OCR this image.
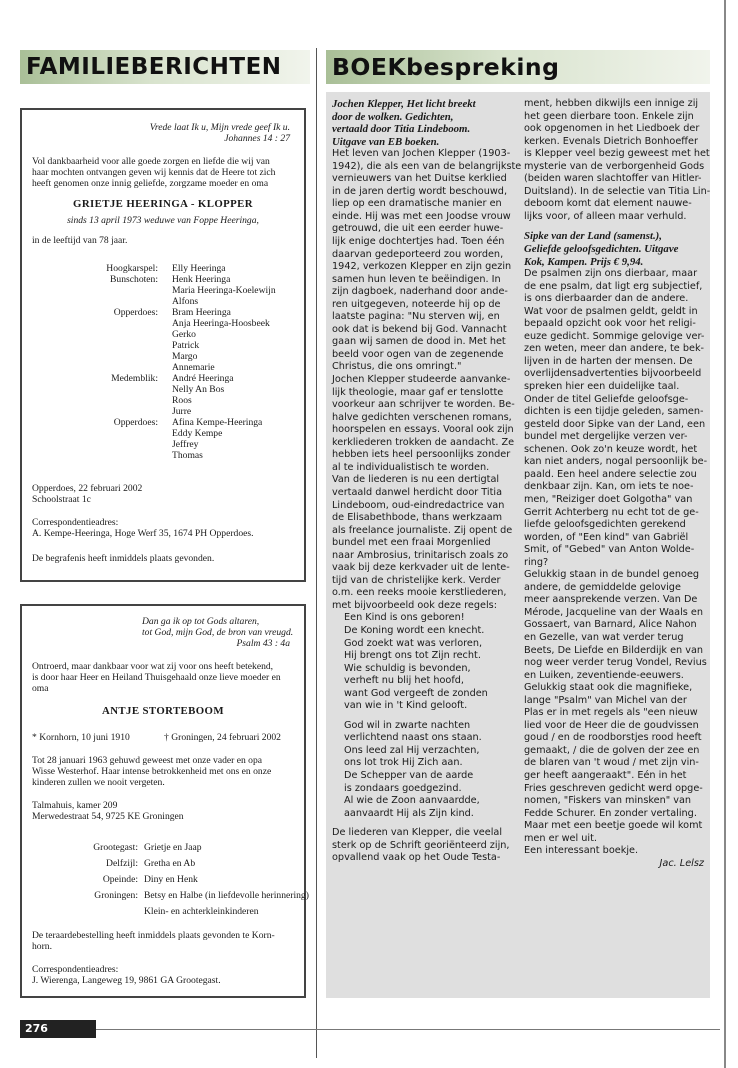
FAMILIEBERICHTEN	BOEKbespreking
Vrede laat Ik u, Mijn vrede geef Ik u.
Johannes 14 : 27
Vol dankbaarheid voor alle goede zorgen en liefde die wij van
haar mochten ontvangen geven wij kennis dat de Heere tot zich
heeft genomen onze innig geliefde, zorgzame moeder en oma
GRIETJE HEERINGA - KLOPPER
sinds 13 april 1973 weduwe van Foppe Heeringa,
in de leeftijd van 78 jaar.
Hoogkarspel: Elly Heeringa
Bunschoten: Henk Heeringa
Maria Heeringa-Koelewijn
Alfons
Opperdoes: Bram Heeringa
Anja Heeringa-Hoosbeek
Gerko
Patrick
Margo
Annemarie
Medemblik: André Heeringa
Nelly An Bos
Roos
Jurre
Opperdoes: Afina Kempe-Heeringa
Eddy Kempe
Jeffrey
Thomas
Opperdoes, 22 februari 2002
Schoolstraat 1c
Correspondentieadres:
A. Kempe-Heeringa, Hoge Werf 35, 1674 PH Opperdoes.
De begrafenis heeft inmiddels plaats gevonden.
Dan ga ik op tot Gods altaren,
tot God, mijn God, de bron van vreugd.
Psalm 43 : 4a
Ontroerd, maar dankbaar voor wat zij voor ons heeft betekend,
is door haar Heer en Heiland Thuisgehaald onze lieve moeder en
oma
ANTJE STORTEBOOM
* Kornhorn, 10 juni 1910	† Groningen, 24 februari 2002
Tot 28 januari 1963 gehuwd geweest met onze vader en opa
Wisse Westerhof. Haar intense betrokkenheid met ons en onze
kinderen zullen we nooit vergeten.
Talmahuis, kamer 209
Merwedestraat 54, 9725 KE Groningen
Grootegast: Grietje en Jaap
Delfzijl: Gretha en Ab
Opeinde: Diny en Henk
Groningen: Betsy en Halbe (in liefdevolle herinnering)
Klein- en achterkleinkinderen
De teraardebestelling heeft inmiddels plaats gevonden te Korn-
horn.
Correspondentieadres:
J. Wierenga, Langeweg 19, 9861 GA Grootegast.
Jochen Klepper, Het licht breekt
door de wolken. Gedichten,
vertaald door Titia Lindeboom.
Uitgave van EB boeken.
Het leven van Jochen Klepper (1903-
1942), die als een van de belangrijkste
vernieuwers van het Duitse kerklied
in de jaren dertig wordt beschouwd,
liep op een dramatische manier en
einde. Hij was met een Joodse vrouw
getrouwd, die uit een eerder huwe-
lijk enige dochtertjes had. Toen één
daarvan gedeporteerd zou worden,
1942, verkozen Klepper en zijn gezin
samen hun leven te beëindigen. In
zijn dagboek, naderhand door ande-
ren uitgegeven, noteerde hij op de
laatste pagina: "Nu sterven wij, en
ook dat is bekend bij God. Vannacht
gaan wij samen de dood in. Met het
beeld voor ogen van de zegenende
Christus, die ons omringt."
Jochen Klepper studeerde aanvanke-
lijk theologie, maar gaf er tenslotte
voorkeur aan schrijver te worden. Be-
halve gedichten verschenen romans,
hoorspelen en essays. Vooral ook zijn
kerkliederen trokken de aandacht. Ze
hebben iets heel persoonlijks zonder
al te individualistisch te worden.
Van de liederen is nu een dertigtal
vertaald danwel herdicht door Titia
Lindeboom, oud-eindredactrice van
de Elisabethbode, thans werkzaam
als freelance journaliste. Zij opent de
bundel met een fraai Morgenlied
naar Ambrosius, trinitarisch zoals zo
vaak bij deze kerkvader uit de lente-
tijd van de christelijke kerk. Verder
o.m. een reeks mooie kerstliederen,
met bijvoorbeeld ook deze regels:
Een Kind is ons geboren!
De Koning wordt een knecht.
God zoekt wat was verloren,
Hij brengt ons tot Zijn recht.
Wie schuldig is bevonden,
verheft nu blij het hoofd,
want God vergeeft de zonden
van wie in 't Kind gelooft.
God wil in zwarte nachten
verlichtend naast ons staan.
Ons leed zal Hij verzachten,
ons lot trok Hij Zich aan.
De Schepper van de aarde
is zondaars goedgezind.
Al wie de Zoon aanvaardde,
aanvaardt Hij als Zijn kind.
De liederen van Klepper, die veelal
sterk op de Schrift georiënteerd zijn,
opvallend vaak op het Oude Testa-
ment, hebben dikwijls een innige zij
het geen dierbare toon. Enkele zijn
ook opgenomen in het Liedboek der
kerken. Evenals Dietrich Bonhoeffer
is Klepper veel bezig geweest met het
mysterie van de verborgenheid Gods
(beiden waren slachtoffer van Hitler-
Duitsland). In de selectie van Titia Lin-
deboom komt dat element nauwe-
lijks voor, of alleen maar verhuld.
Sipke van der Land (samenst.),
Geliefde geloofsgedichten. Uitgave
Kok, Kampen. Prijs € 9,94.
De psalmen zijn ons dierbaar, maar
de ene psalm, dat ligt erg subjectief,
is ons dierbaarder dan de andere.
Wat voor de psalmen geldt, geldt in
bepaald opzicht ook voor het religi-
euze gedicht. Sommige gelovige ver-
zen weten, meer dan andere, te bek-
lijven in de harten der mensen. De
overlijdensadvertenties bijvoorbeeld
spreken hier een duidelijke taal.
Onder de titel Geliefde geloofsge-
dichten is een tijdje geleden, samen-
gesteld door Sipke van der Land, een
bundel met dergelijke verzen ver-
schenen. Ook zo'n keuze wordt, het
kan niet anders, nogal persoonlijk be-
paald. Een heel andere selectie zou
denkbaar zijn. Kan, om iets te noe-
men, "Reiziger doet Golgotha" van
Gerrit Achterberg nu echt tot de ge-
liefde geloofsgedichten gerekend
worden, of "Een kind" van Gabriël
Smit, of "Gebed" van Anton Wolde-
ring?
Gelukkig staan in de bundel genoeg
andere, de gemiddelde gelovige
meer aansprekende verzen. Van De
Mérode, Jacqueline van der Waals en
Gossaert, van Barnard, Alice Nahon
en Gezelle, van wat verder terug
Beets, De Liefde en Bilderdijk en van
nog weer verder terug Vondel, Revius
en Luiken, zeventiende-eeuwers.
Gelukkig staat ook die magnifieke,
lange "Psalm" van Michel van der
Plas er in met regels als "een nieuw
lied voor de Heer die de goudvissen
goud / en de roodborstjes rood heeft
gemaakt, / die de golven der zee en
de blaren van 't woud / met zijn vin-
ger heeft aangeraakt". Eén in het
Fries geschreven gedicht werd opge-
nomen, "Fiskers van minsken" van
Fedde Schurer. En zonder vertaling.
Maar met een beetje goede wil komt
men er wel uit.
Een interessant boekje.
Jac. Lelsz
276
